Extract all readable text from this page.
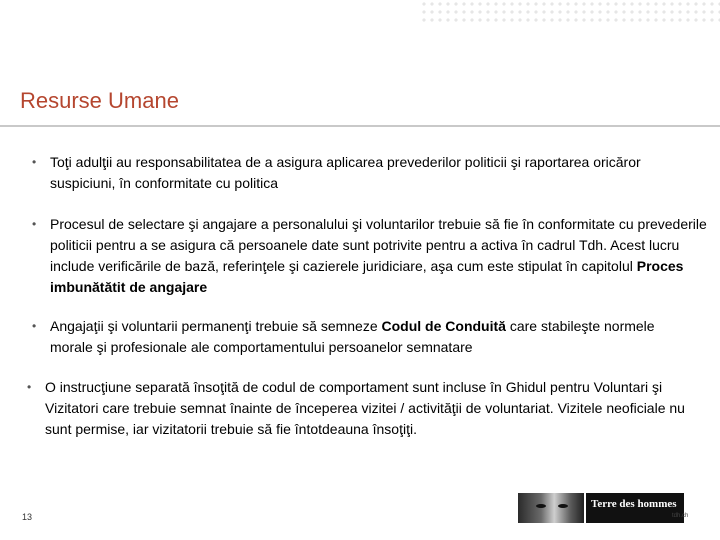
Resurse Umane
• Toţi adulţii au responsabilitatea de a asigura aplicarea prevederilor politicii şi raportarea oricăror suspiciuni, în conformitate cu politica

• Procesul de selectare şi angajare a personalului şi voluntarilor trebuie să fie în conformitate cu prevederile politicii pentru a se asigura că persoanele date sunt potrivite pentru a activa în cadrul Tdh. Acest lucru include verificările de bază, referinţele şi cazierele juridiciare, aşa cum este stipulat în capitolul Proces imbunătătit de angajare

• Angajaţii şi voluntarii permanenţi trebuie să semneze Codul de Conduită care stabileşte normele morale şi profesionale ale comportamentului persoanelor semnatare

• O instrucţiune separată însoţită de codul de comportament sunt incluse în Ghidul pentru Voluntari şi Vizitatori care trebuie semnat înainte de începerea vizitei / activităţii de voluntariat. Vizitele neoficiale nu sunt permise, iar vizitatorii trebuie să fie întotdeauna însoţiţi.

13
Terre des hommes
tdh.ch
